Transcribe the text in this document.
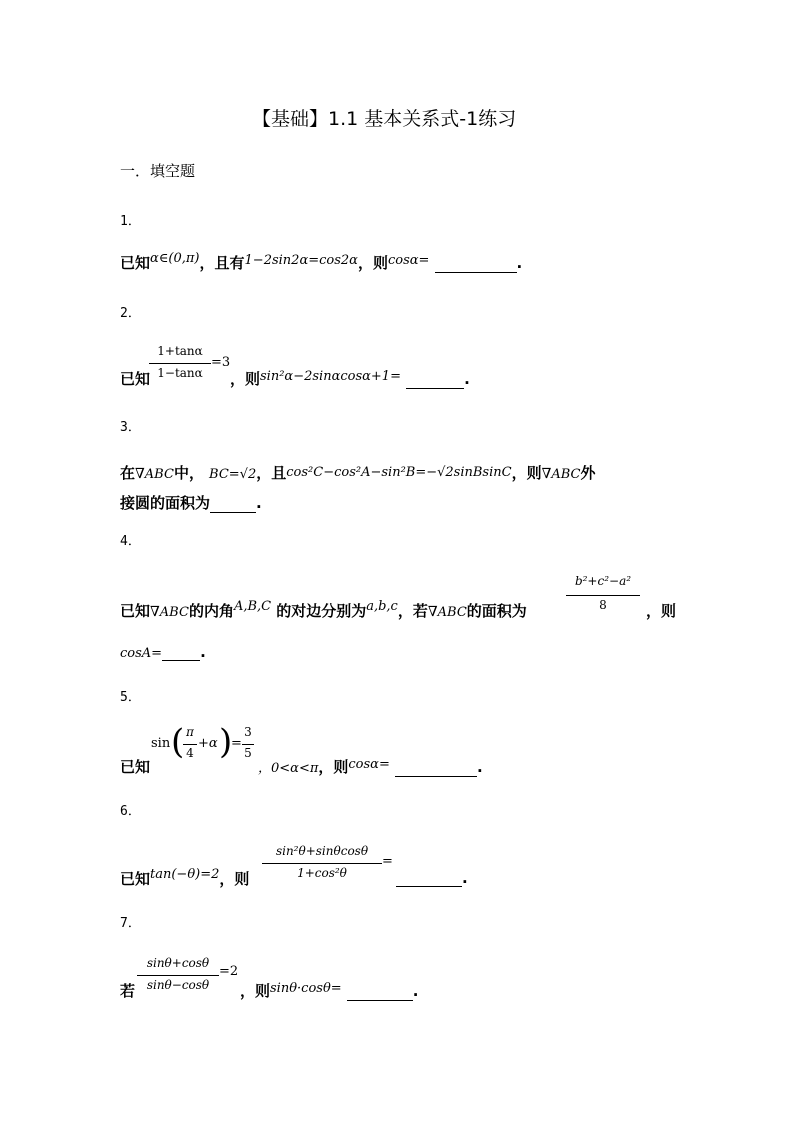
【基础】1.1 基本关系式-1练习
一．填空题
1．
已知$^{\alpha\in(0,\pi)}$，且有$^{1-2sin2\alpha=cos2\alpha}$，则$^{cos\alpha=}$	.
2．
已知
1+tanα
1−tanα
=3
，则$^{sin^2\alpha-2sin\alpha cos\alpha+1=}$	.
3．
在∇ABC中， BC=√2，且cos²C−cos²A−sin²B=−√2sinBsinC，则∇ABC外
接圆的面积为	.
4．
已知∇ABC的内角$^{A,B,C}$ 的对边分别为$^{a,b,c}$，若∇ABC的面积为
b²+c²−a²
8	，则
cosA=	.
5．
已知
sin ( π
4
+α )
=
3
5
，0<α<π，则$^{cos\alpha=}$	.
6．
已知$^{tan(-\theta)=2}$，则
sin²θ+sinθcosθ
1+cos²θ
=
.
7．
若
sinθ+cosθ
sinθ−cosθ
=2
，则$^{sin\theta\cdot cos\theta=}$	.
